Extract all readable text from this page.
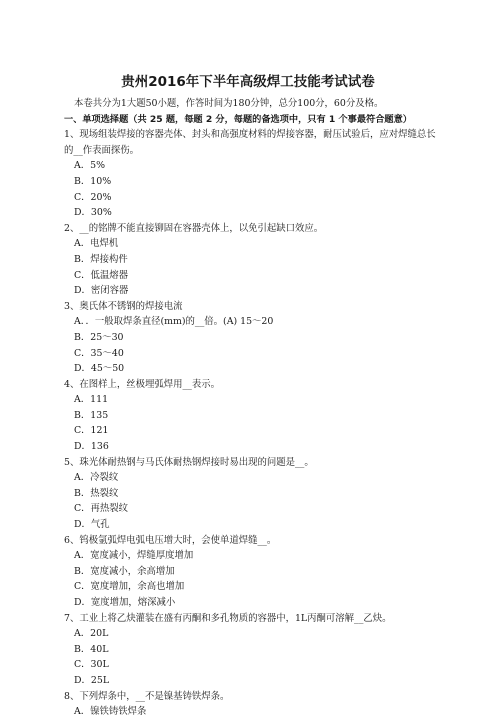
贵州2016年下半年高级焊工技能考试试卷

本卷共分为1大题50小题，作答时间为180分钟，总分100分，60分及格。

一、单项选择题（共 25 题，每题 2 分，每题的备选项中，只有 1 个事最符合题意）

1、现场组装焊接的容器壳体、封头和高强度材料的焊接容器，耐压试验后，应对焊缝总长的__作表面探伤。

A．5%
B．10%
C．20%
D．30%

2、__的铭牌不能直接铆固在容器壳体上，以免引起缺口效应。

A．电焊机
B．焊接构件
C．低温熔器
D．密闭容器

3、奥氏体不锈钢的焊接电流

A．．一般取焊条直径(mm)的__倍。(A) 15～20
B．25～30
C．35～40
D．45～50

4、在图样上，丝极埋弧焊用__表示。

A．111
B．135
C．121
D．136

5、珠光体耐热钢与马氏体耐热钢焊接时易出现的问题是__。

A．冷裂纹
B．热裂纹
C．再热裂纹
D．气孔

6、钨极氩弧焊电弧电压增大时，会使单道焊缝__。

A．宽度减小，焊缝厚度增加
B．宽度减小，余高增加
C．宽度增加，余高也增加
D．宽度增加，熔深减小

7、工业上将乙炔灌装在盛有丙酮和多孔物质的容器中，1L丙酮可溶解__乙炔。

A．20L
B．40L
C．30L
D．25L

8、下列焊条中，__不是镍基铸铁焊条。

A．镍铁铸铁焊条
